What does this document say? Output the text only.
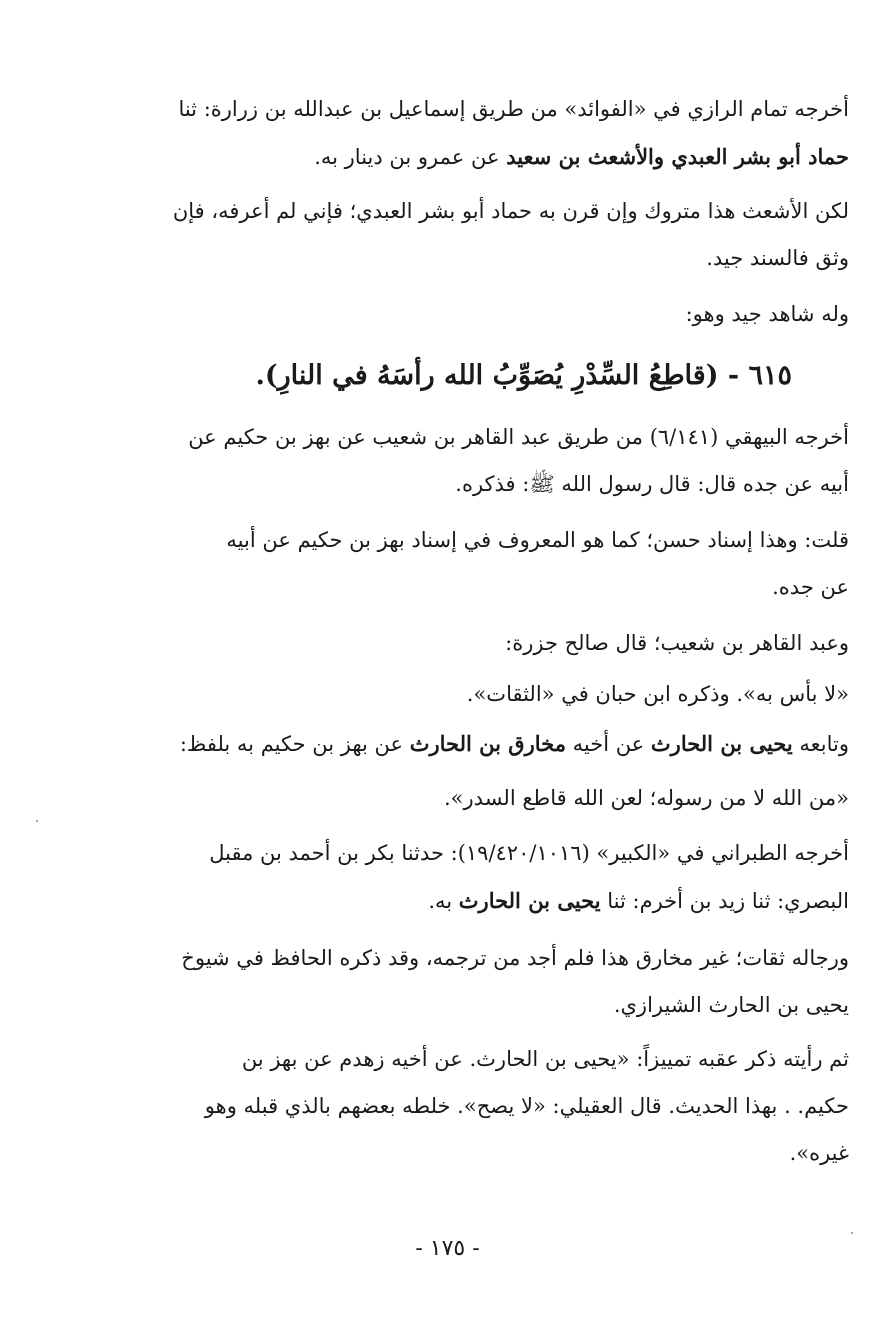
أخرجه تمام الرازي في «الفوائد» من طريق إسماعيل بن عبدالله بن زرارة: ثنا
حماد أبو بشر العبدي والأشعث بن سعيد عن عمرو بن دينار به.

لكن الأشعث هذا متروك وإن قرن به حماد أبو بشر العبدي؛ فإني لم أعرفه، فإن
وثق فالسند جيد.

وله شاهد جيد وهو:

٦١٥ - (قاطِعُ السِّدْرِ يُصَوِّبُ الله رأسَهُ في النارِ).

أخرجه البيهقي (٦/١٤١) من طريق عبد القاهر بن شعيب عن بهز بن حكيم عن
أبيه عن جده قال: قال رسول الله ﷺ: فذكره.

قلت: وهذا إسناد حسن؛ كما هو المعروف في إسناد بهز بن حكيم عن أبيه
عن جده.

وعبد القاهر بن شعيب؛ قال صالح جزرة:

«لا بأس به». وذكره ابن حبان في «الثقات».

وتابعه يحيى بن الحارث عن أخيه مخارق بن الحارث عن بهز بن حكيم به بلفظ:

«من الله لا من رسوله؛ لعن الله قاطع السدر».

أخرجه الطبراني في «الكبير» (١٩/٤٢٠/١٠١٦): حدثنا بكر بن أحمد بن مقبل
البصري: ثنا زيد بن أخرم: ثنا يحيى بن الحارث به.

ورجاله ثقات؛ غير مخارق هذا فلم أجد من ترجمه، وقد ذكره الحافظ في شيوخ
يحيى بن الحارث الشيرازي.

ثم رأيته ذكر عقبه تمييزاً: «يحيى بن الحارث. عن أخيه زهدم عن بهز بن
حكيم. . بهذا الحديث. قال العقيلي: «لا يصح». خلطه بعضهم بالذي قبله وهو
غيره».

- ١٧٥ -
